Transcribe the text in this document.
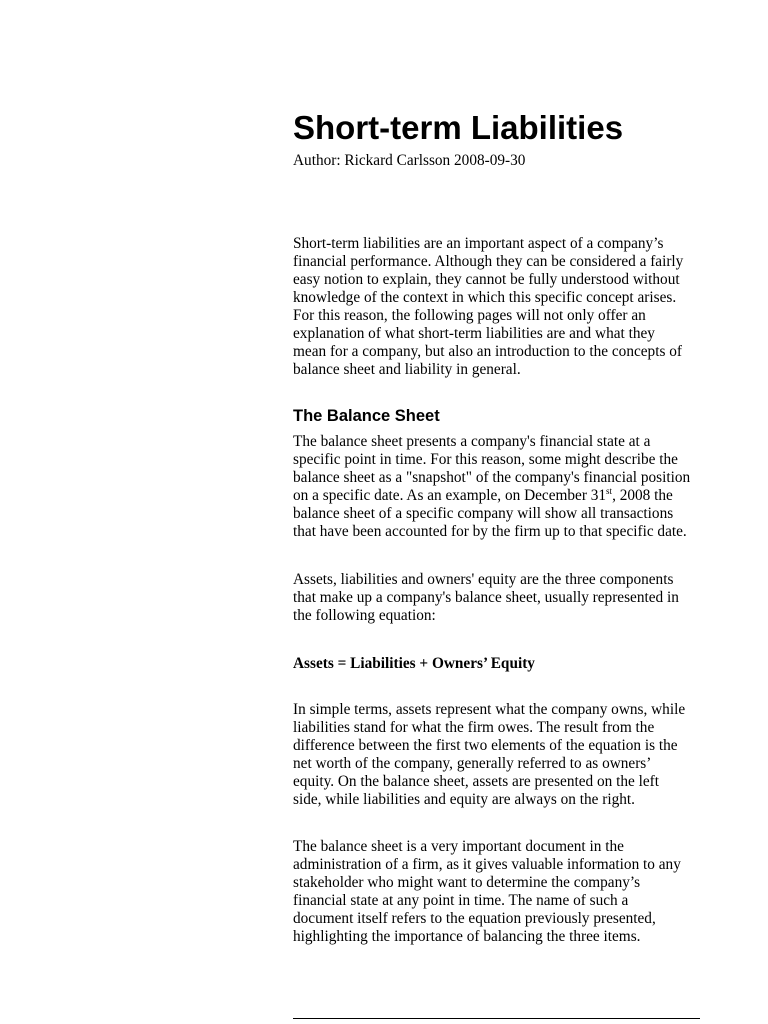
Short-term Liabilities

Author: Rickard Carlsson 2008-09-30

Short-term liabilities are an important aspect of a company’s
financial performance. Although they can be considered a fairly
easy notion to explain, they cannot be fully understood without
knowledge of the context in which this specific concept arises.
For this reason, the following pages will not only offer an
explanation of what short-term liabilities are and what they
mean for a company, but also an introduction to the concepts of
balance sheet and liability in general.

The Balance Sheet

The balance sheet presents a company's financial state at a
specific point in time. For this reason, some might describe the
balance sheet as a "snapshot" of the company's financial position
on a specific date. As an example, on December 31st, 2008 the
balance sheet of a specific company will show all transactions
that have been accounted for by the firm up to that specific date.

Assets, liabilities and owners' equity are the three components
that make up a company's balance sheet, usually represented in
the following equation:

Assets = Liabilities + Owners’ Equity

In simple terms, assets represent what the company owns, while
liabilities stand for what the firm owes. The result from the
difference between the first two elements of the equation is the
net worth of the company, generally referred to as owners’
equity. On the balance sheet, assets are presented on the left
side, while liabilities and equity are always on the right.

The balance sheet is a very important document in the
administration of a firm, as it gives valuable information to any
stakeholder who might want to determine the company’s
financial state at any point in time. The name of such a
document itself refers to the equation previously presented,
highlighting the importance of balancing the three items.
